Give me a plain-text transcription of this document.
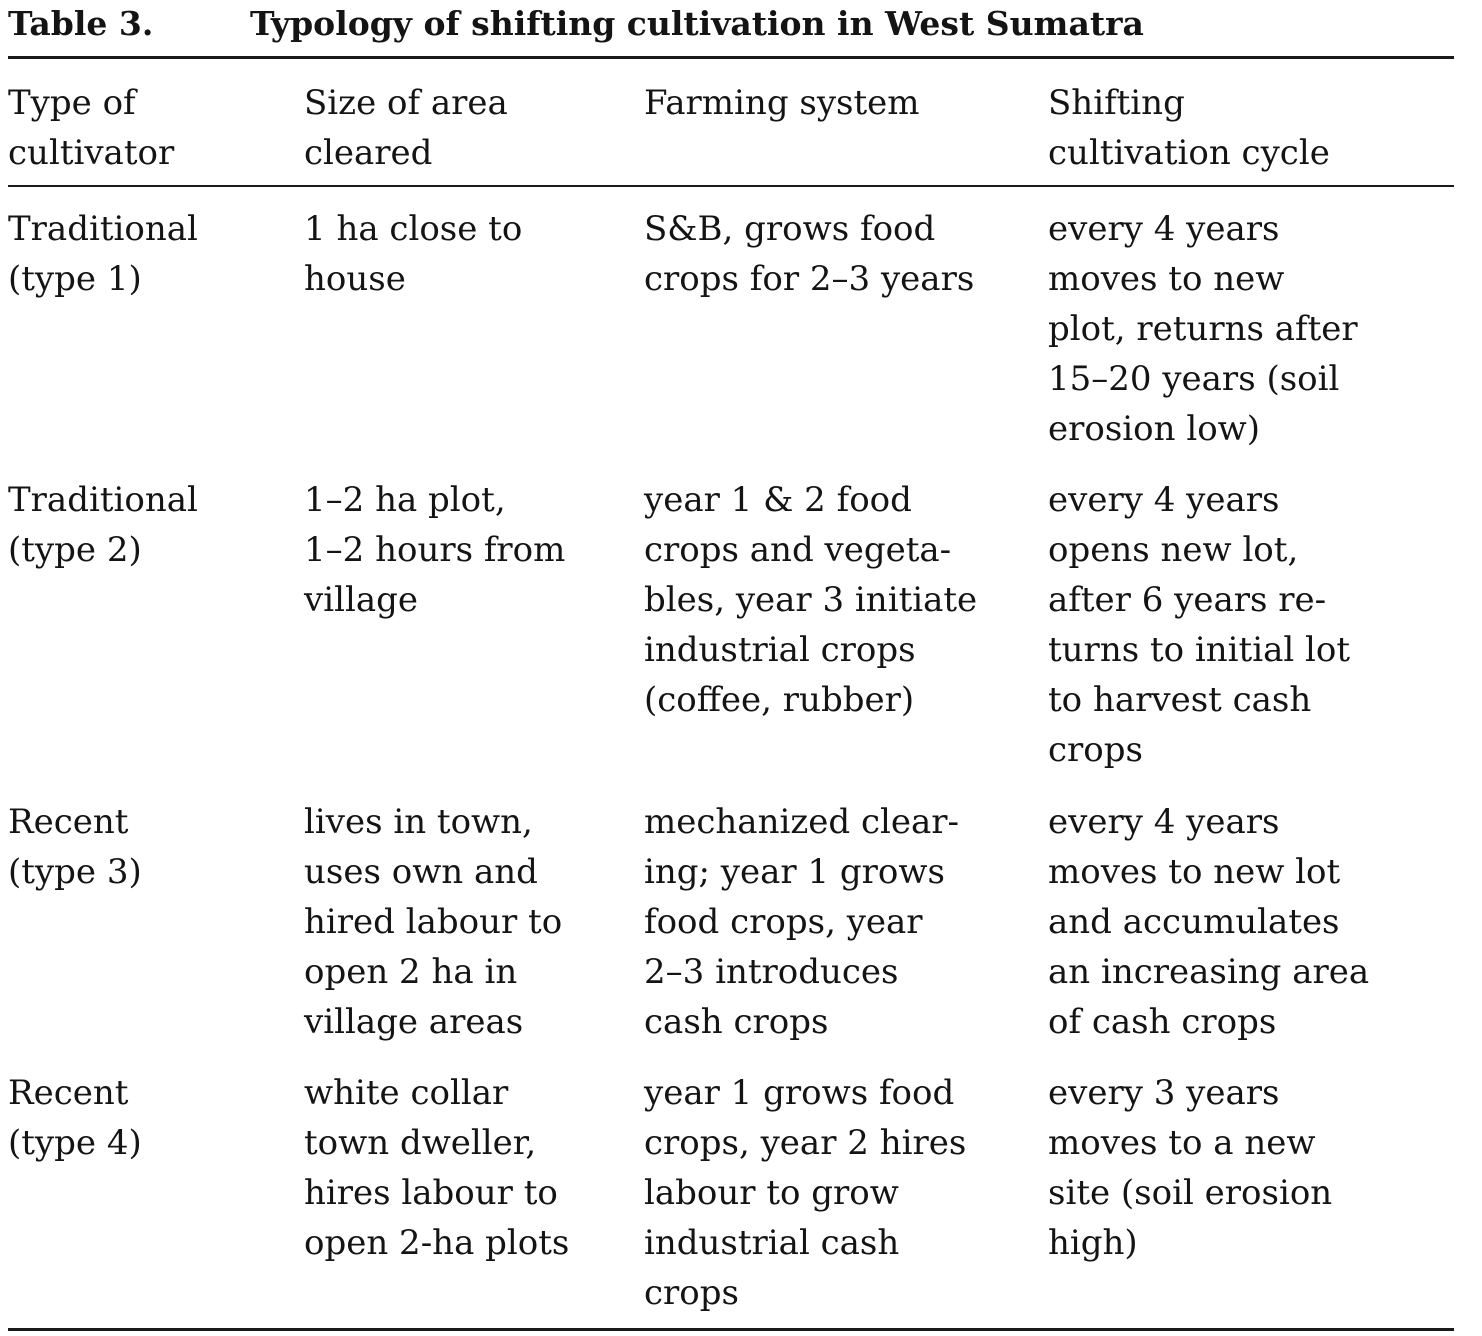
Table 3.	Typology of shifting cultivation in West Sumatra
Type of
cultivator
Size of area
cleared
Farming system	Shifting
cultivation cycle
Traditional
(type 1)
1 ha close to
house
S&B, grows food
crops for 2–3 years
every 4 years
moves to new
plot, returns after
15–20 years (soil
erosion low)
Traditional
(type 2)
1–2 ha plot,
1–2 hours from
village
year 1 & 2 food
crops and vegeta-
bles, year 3 initiate
industrial crops
(coffee, rubber)
every 4 years
opens new lot,
after 6 years re-
turns to initial lot
to harvest cash
crops
Recent
(type 3)
lives in town,
uses own and
hired labour to
open 2 ha in
village areas
mechanized clear-
ing; year 1 grows
food crops, year
2–3 introduces
cash crops
every 4 years
moves to new lot
and accumulates
an increasing area
of cash crops
Recent
(type 4)
white collar
town dweller,
hires labour to
open 2-ha plots
year 1 grows food
crops, year 2 hires
labour to grow
industrial cash
crops
every 3 years
moves to a new
site (soil erosion
high)
